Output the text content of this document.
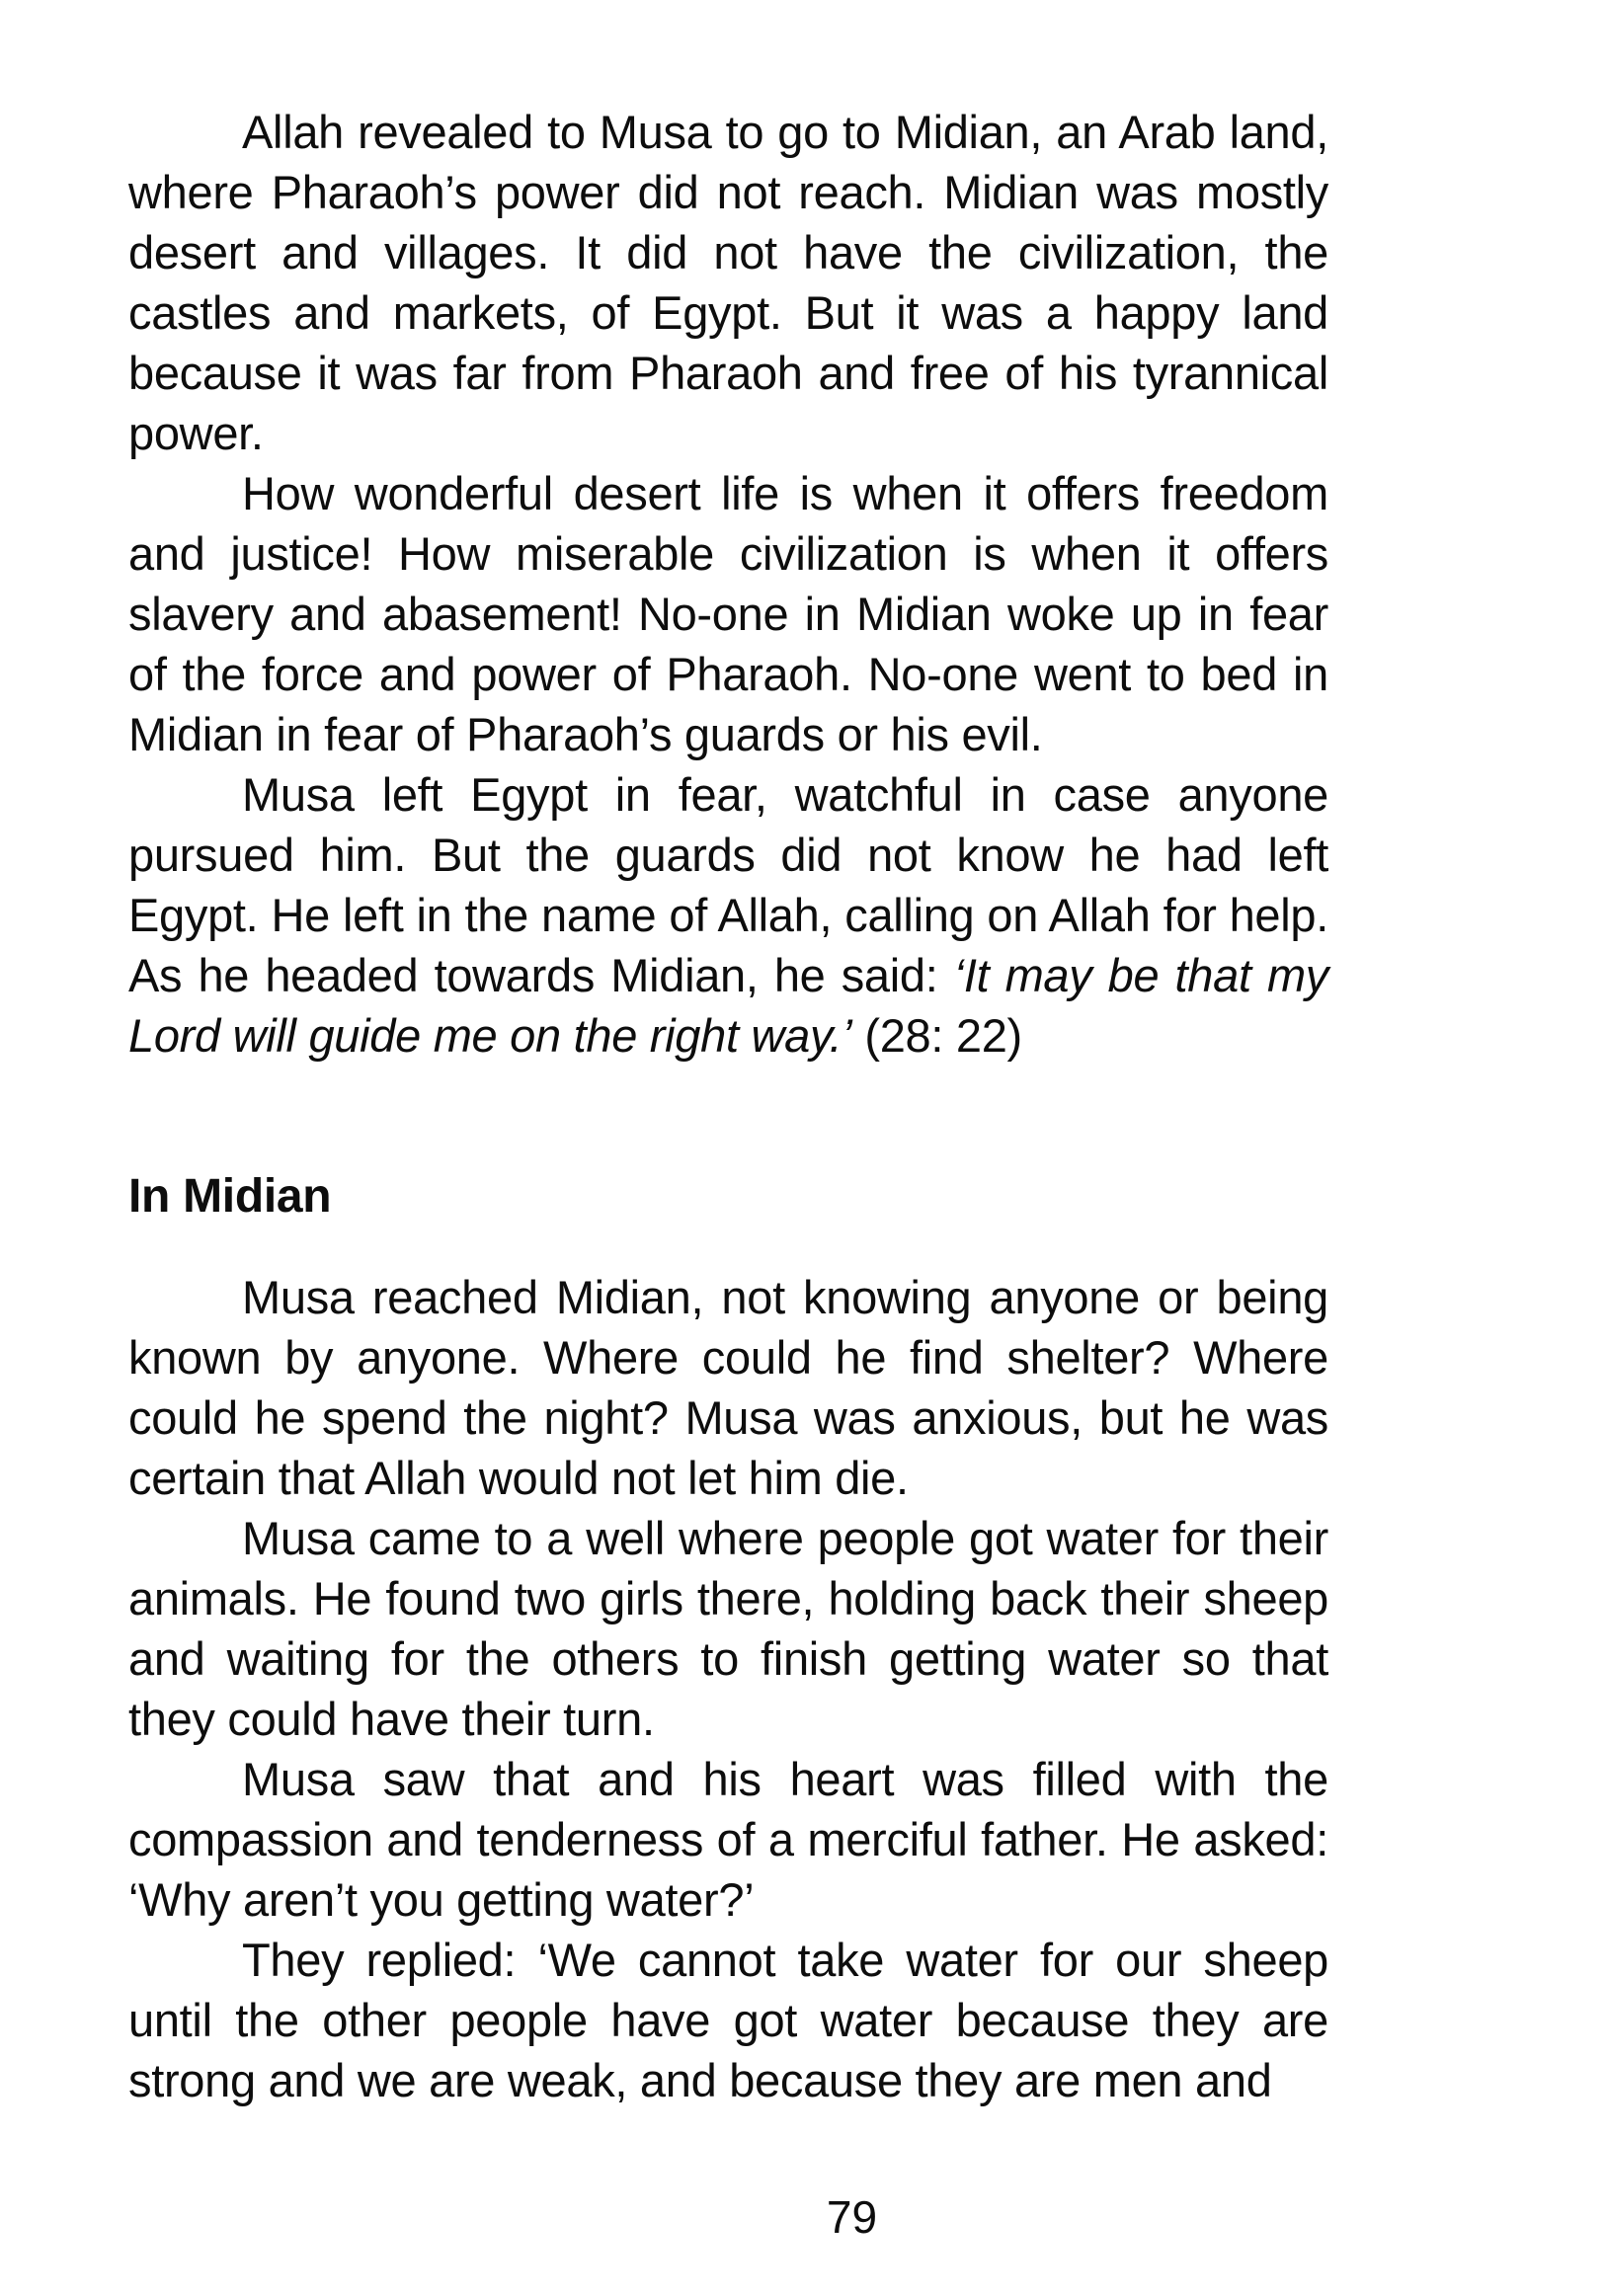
Allah revealed to Musa to go to Midian, an Arab land, where Pharaoh’s power did not reach. Midian was mostly desert and villages. It did not have the civilization, the castles and markets, of Egypt. But it was a happy land because it was far from Pharaoh and free of his tyrannical power.

How wonderful desert life is when it offers freedom and justice! How miserable civilization is when it offers slavery and abasement! No-one in Midian woke up in fear of the force and power of Pharaoh. No-one went to bed in Midian in fear of Pharaoh’s guards or his evil.

Musa left Egypt in fear, watchful in case anyone pursued him. But the guards did not know he had left Egypt. He left in the name of Allah, calling on Allah for help. As he headed towards Midian, he said: ‘It may be that my Lord will guide me on the right way.’ (28: 22)

In Midian

Musa reached Midian, not knowing anyone or being known by anyone. Where could he find shelter? Where could he spend the night? Musa was anxious, but he was certain that Allah would not let him die.

Musa came to a well where people got water for their animals. He found two girls there, holding back their sheep and waiting for the others to finish getting water so that they could have their turn.

Musa saw that and his heart was filled with the compassion and tenderness of a merciful father. He asked: ‘Why aren’t you getting water?’

They replied: ‘We cannot take water for our sheep until the other people have got water because they are strong and we are weak, and because they are men and

79
